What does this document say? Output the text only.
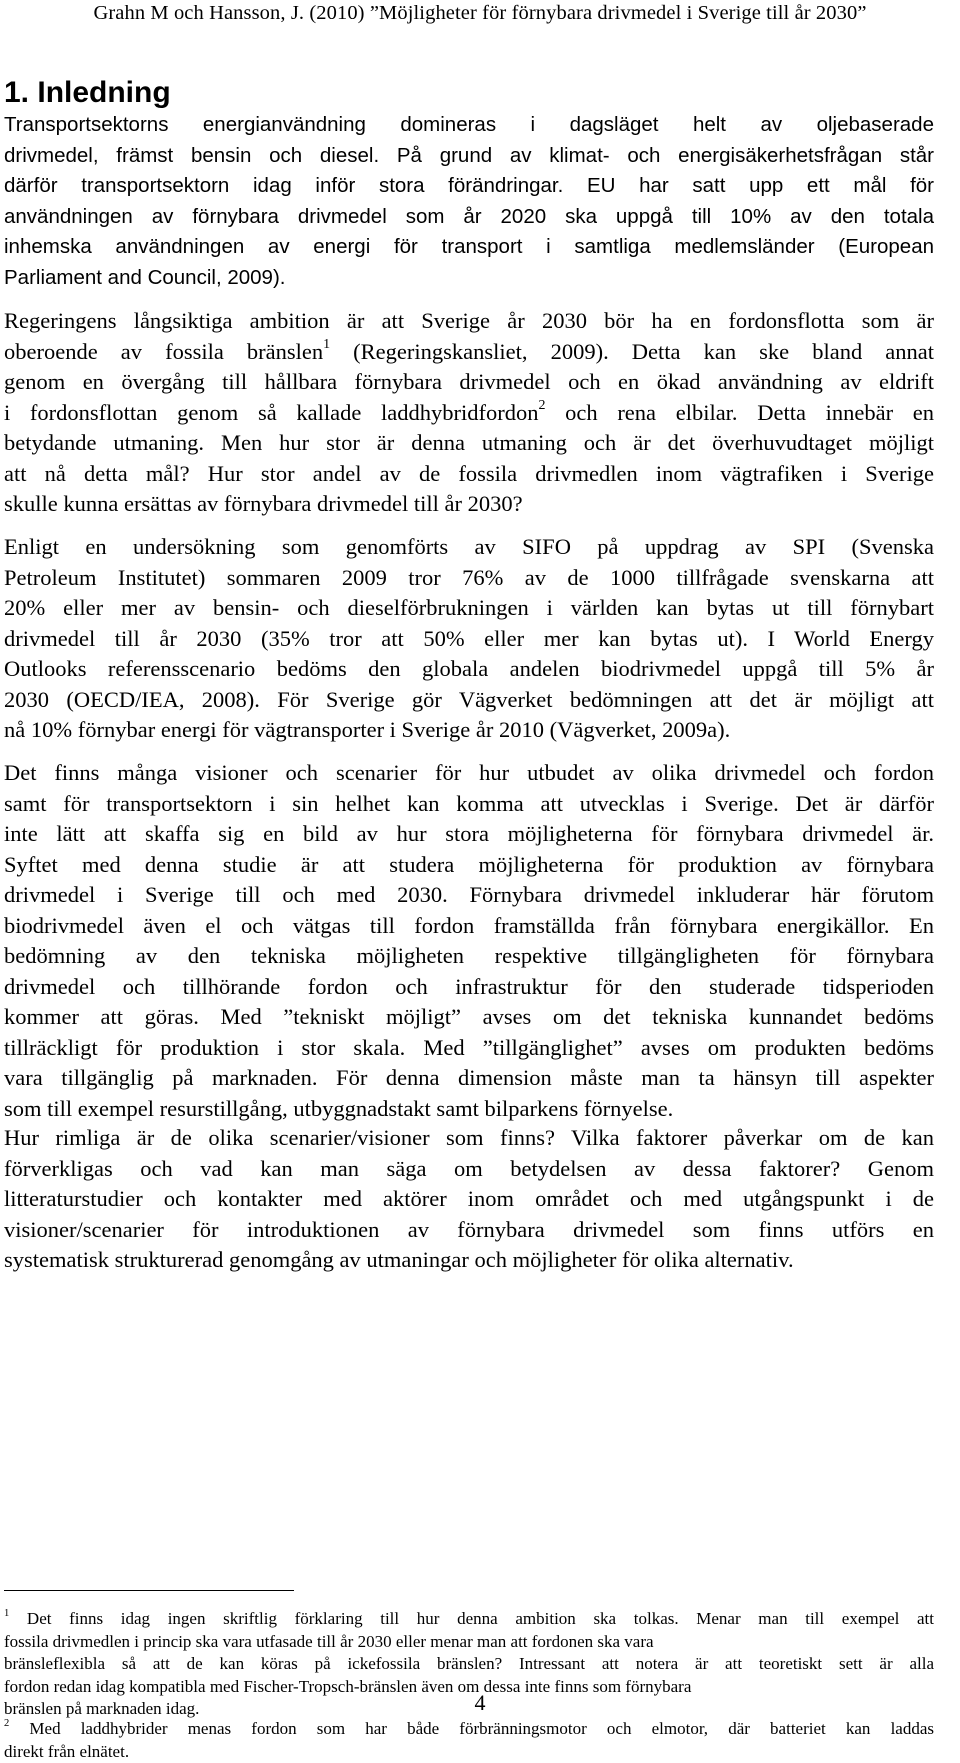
Grahn M och Hansson, J. (2010) ”Möjligheter för förnybara drivmedel i Sverige till år 2030”
1. Inledning
Transportsektorns energianvändning domineras i dagsläget helt av oljebaserade
drivmedel, främst bensin och diesel. På grund av klimat- och energisäkerhetsfrågan står
därför transportsektorn idag inför stora förändringar. EU har satt upp ett mål för
användningen av förnybara drivmedel som år 2020 ska uppgå till 10% av den totala
inhemska användningen av energi för transport i samtliga medlemsländer (European
Parliament and Council, 2009).
Regeringens långsiktiga ambition är att Sverige år 2030 bör ha en fordonsflotta som är
oberoende av fossila bränslen$^1$ (Regeringskansliet, 2009). Detta kan ske bland annat
genom en övergång till hållbara förnybara drivmedel och en ökad användning av eldrift
i fordonsflottan genom så kallade laddhybridfordon$^2$ och rena elbilar. Detta innebär en
betydande utmaning. Men hur stor är denna utmaning och är det överhuvudtaget möjligt
att nå detta mål? Hur stor andel av de fossila drivmedlen inom vägtrafiken i Sverige
skulle kunna ersättas av förnybara drivmedel till år 2030?
Enligt en undersökning som genomförts av SIFO på uppdrag av SPI (Svenska
Petroleum Institutet) sommaren 2009 tror 76% av de 1000 tillfrågade svenskarna att
20% eller mer av bensin- och dieselförbrukningen i världen kan bytas ut till förnybart
drivmedel till år 2030 (35% tror att 50% eller mer kan bytas ut). I World Energy
Outlooks referensscenario bedöms den globala andelen biodrivmedel uppgå till 5% år
2030 (OECD/IEA, 2008). För Sverige gör Vägverket bedömningen att det är möjligt att
nå 10% förnybar energi för vägtransporter i Sverige år 2010 (Vägverket, 2009a).
Det finns många visioner och scenarier för hur utbudet av olika drivmedel och fordon
samt för transportsektorn i sin helhet kan komma att utvecklas i Sverige. Det är därför
inte lätt att skaffa sig en bild av hur stora möjligheterna för förnybara drivmedel är.
Syftet med denna studie är att studera möjligheterna för produktion av förnybara
drivmedel i Sverige till och med 2030. Förnybara drivmedel inkluderar här förutom
biodrivmedel även el och vätgas till fordon framställda från förnybara energikällor. En
bedömning av den tekniska möjligheten respektive tillgängligheten för förnybara
drivmedel och tillhörande fordon och infrastruktur för den studerade tidsperioden
kommer att göras. Med ”tekniskt möjligt” avses om det tekniska kunnandet bedöms
tillräckligt för produktion i stor skala. Med ”tillgänglighet” avses om produkten bedöms
vara tillgänglig på marknaden. För denna dimension måste man ta hänsyn till aspekter
som till exempel resurstillgång, utbyggnadstakt samt bilparkens förnyelse.
Hur rimliga är de olika scenarier/visioner som finns? Vilka faktorer påverkar om de kan
förverkligas och vad kan man säga om betydelsen av dessa faktorer? Genom
litteraturstudier och kontakter med aktörer inom området och med utgångspunkt i de
visioner/scenarier för introduktionen av förnybara drivmedel som finns utförs en
systematisk strukturerad genomgång av utmaningar och möjligheter för olika alternativ.
$^1$ Det finns idag ingen skriftlig förklaring till hur denna ambition ska tolkas. Menar man till exempel att
fossila drivmedlen i princip ska vara utfasade till år 2030 eller menar man att fordonen ska vara
bränsleflexibla så att de kan köras på ickefossila bränslen? Intressant att notera är att teoretiskt sett är alla
fordon redan idag kompatibla med Fischer-Tropsch-bränslen även om dessa inte finns som förnybara
bränslen på marknaden idag.
$^2$ Med laddhybrider menas fordon som har både förbränningsmotor och elmotor, där batteriet kan laddas
direkt från elnätet.
4
